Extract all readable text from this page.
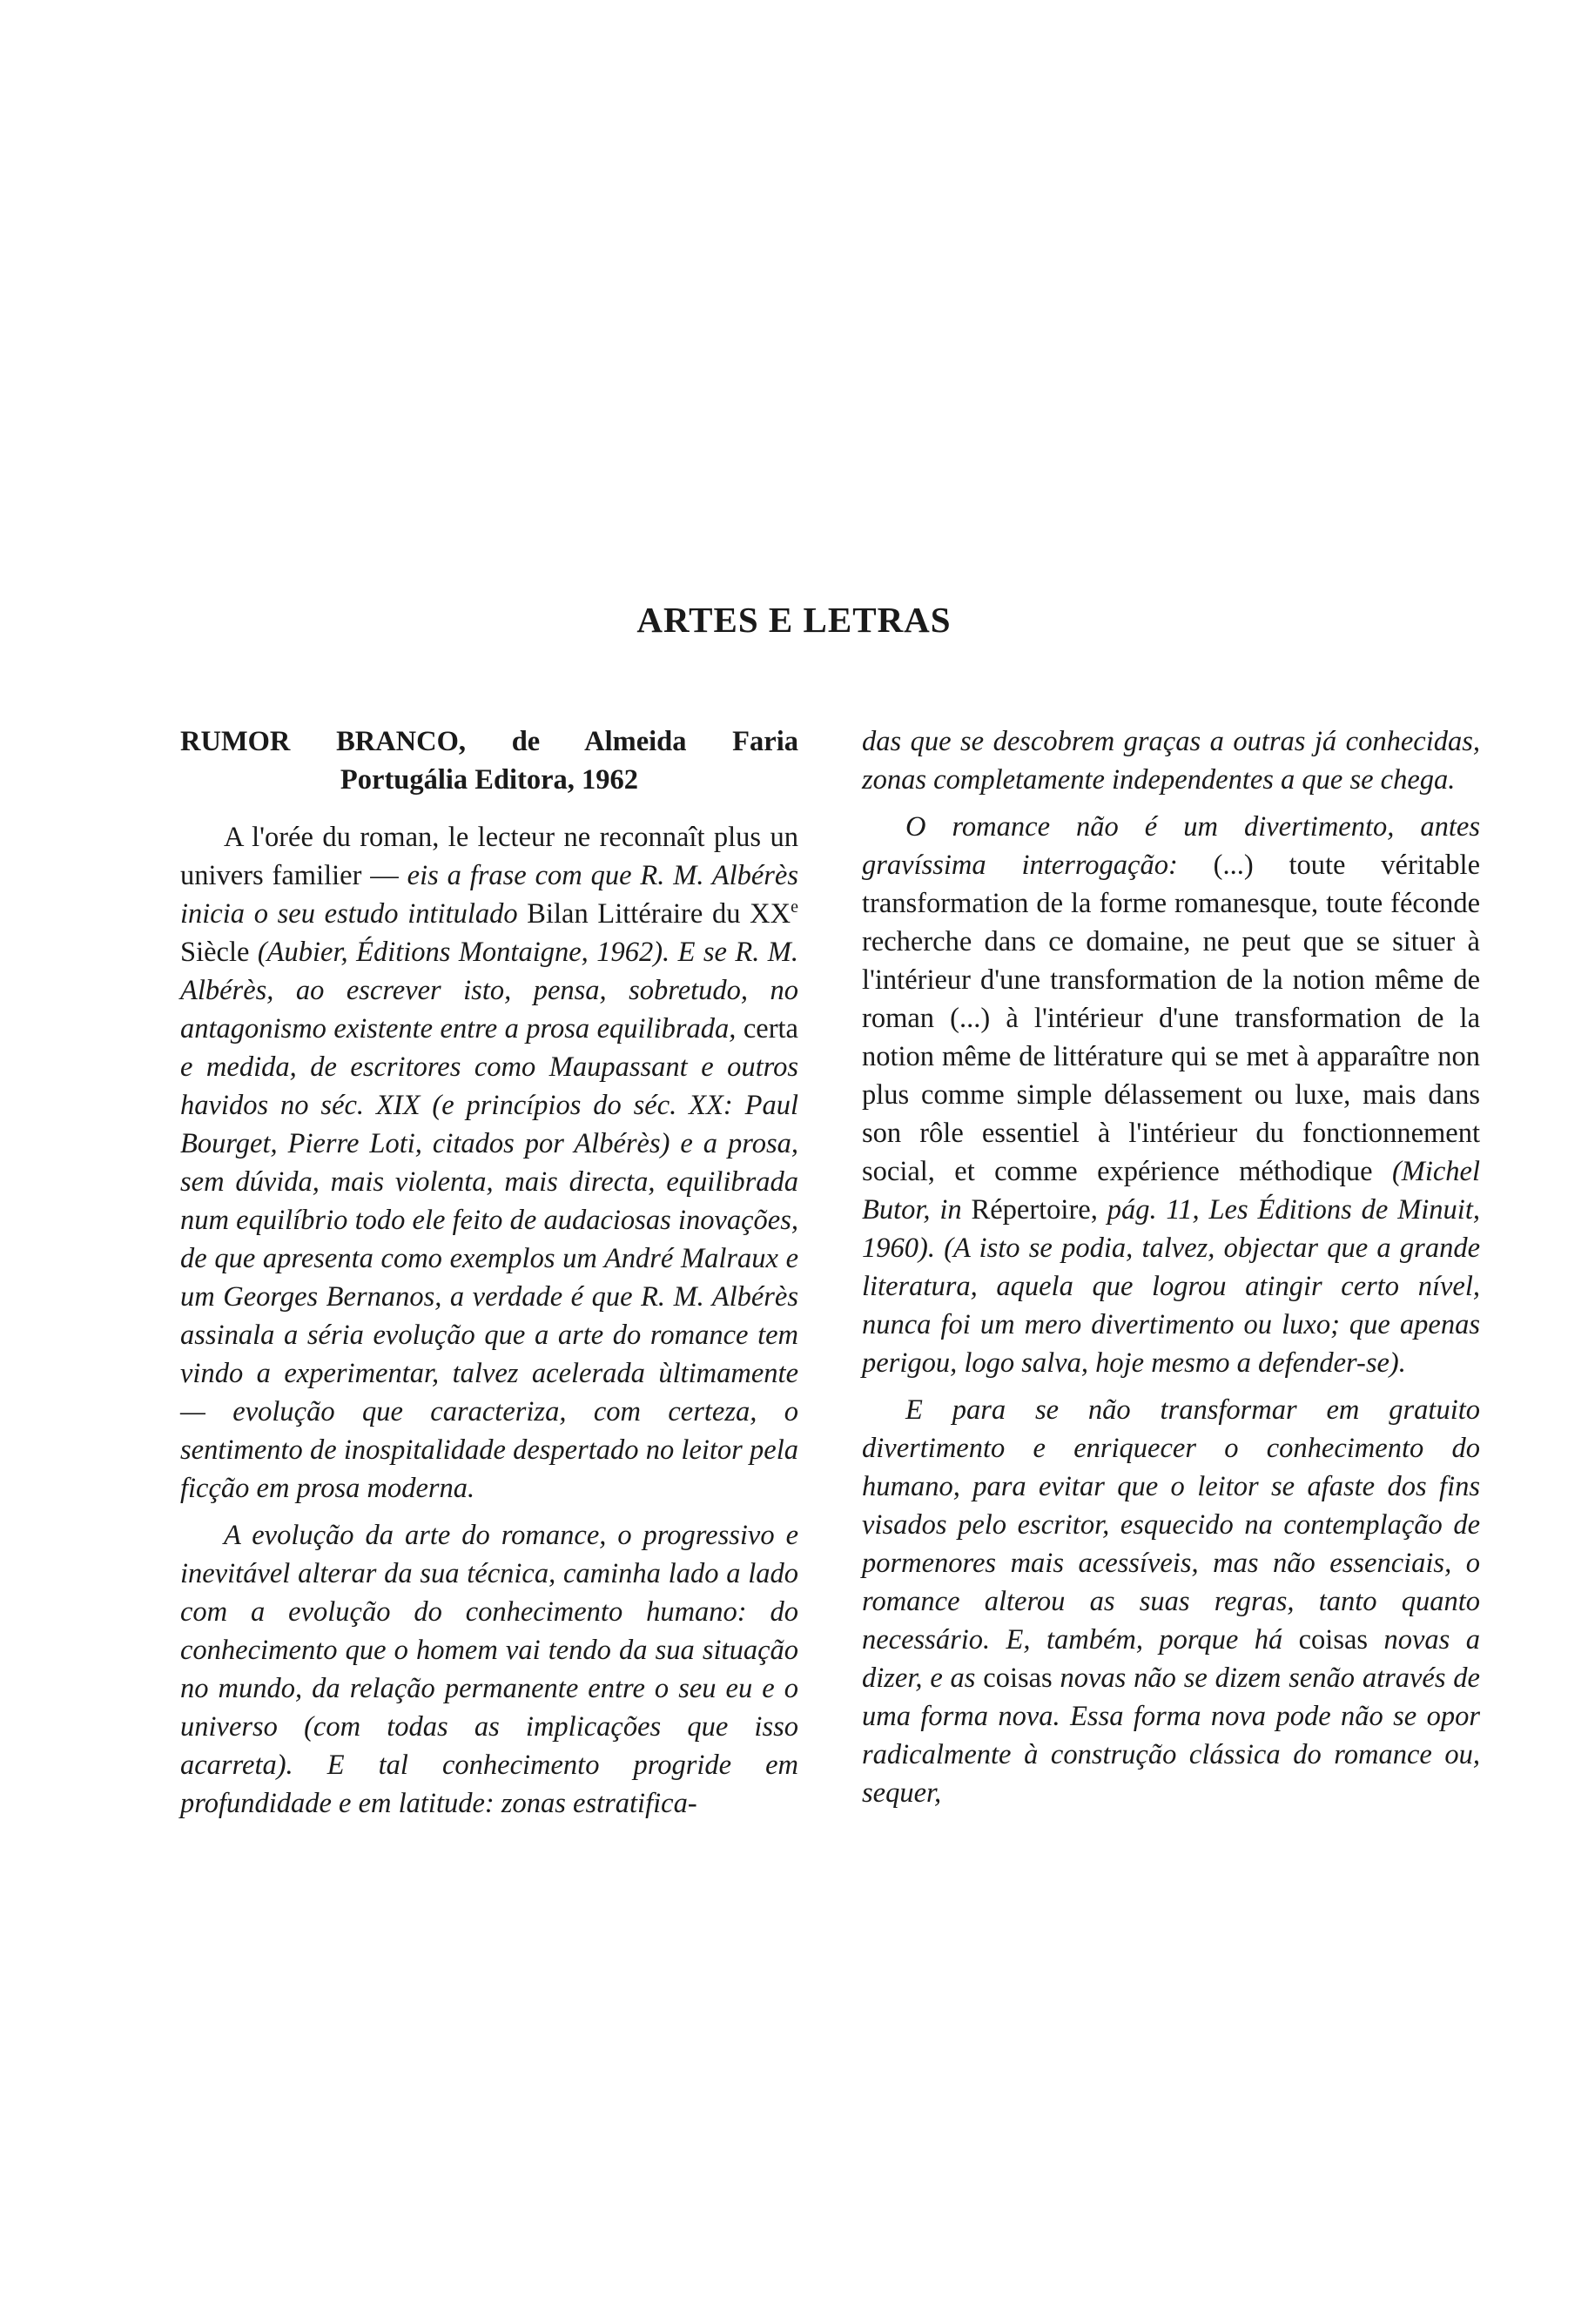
ARTES E LETRAS
RUMOR BRANCO, de Almeida Faria
Portugália Editora, 1962

A l'orée du roman, le lecteur ne reconnaît plus un univers familier — eis a frase com que R. M. Albérès inicia o seu estudo intitulado Bilan Littéraire du XXe Siècle (Aubier, Éditions Montaigne, 1962). E se R. M. Albérès, ao escrever isto, pensa, sobretudo, no antagonismo existente entre a prosa equilibrada, certa e medida, de escritores como Maupassant e outros havidos no séc. XIX (e princípios do séc. XX: Paul Bourget, Pierre Loti, citados por Albérès) e a prosa, sem dúvida, mais violenta, mais directa, equilibrada num equilíbrio todo ele feito de audaciosas inovações, de que apresenta como exemplos um André Malraux e um Georges Bernanos, a verdade é que R. M. Albérès assinala a séria evolução que a arte do romance tem vindo a experimentar, talvez acelerada ùltimamente — evolução que caracteriza, com certeza, o sentimento de inospitalidade despertado no leitor pela ficção em prosa moderna.

A evolução da arte do romance, o progressivo e inevitável alterar da sua técnica, caminha lado a lado com a evolução do conhecimento humano: do conhecimento que o homem vai tendo da sua situação no mundo, da relação permanente entre o seu eu e o universo (com todas as implicações que isso acarreta). E tal conhecimento progride em profundidade e em latitude: zonas estratifica-

das que se descobrem graças a outras já conhecidas, zonas completamente independentes a que se chega.

O romance não é um divertimento, antes gravíssima interrogação: (...) toute véritable transformation de la forme romanesque, toute féconde recherche dans ce domaine, ne peut que se situer à l'intérieur d'une transformation de la notion même de roman (...) à l'intérieur d'une transformation de la notion même de littérature qui se met à apparaître non plus comme simple délassement ou luxe, mais dans son rôle essentiel à l'intérieur du fonctionnement social, et comme expérience méthodique (Michel Butor, in Répertoire, pág. 11, Les Éditions de Minuit, 1960). (A isto se podia, talvez, objectar que a grande literatura, aquela que logrou atingir certo nível, nunca foi um mero divertimento ou luxo; que apenas perigou, logo salva, hoje mesmo a defender-se).

E para se não transformar em gratuito divertimento e enriquecer o conhecimento do humano, para evitar que o leitor se afaste dos fins visados pelo escritor, esquecido na contemplação de pormenores mais acessíveis, mas não essenciais, o romance alterou as suas regras, tanto quanto necessário. E, também, porque há coisas novas a dizer, e as coisas novas não se dizem senão através de uma forma nova. Essa forma nova pode não se opor radicalmente à construção clássica do romance ou, sequer,
